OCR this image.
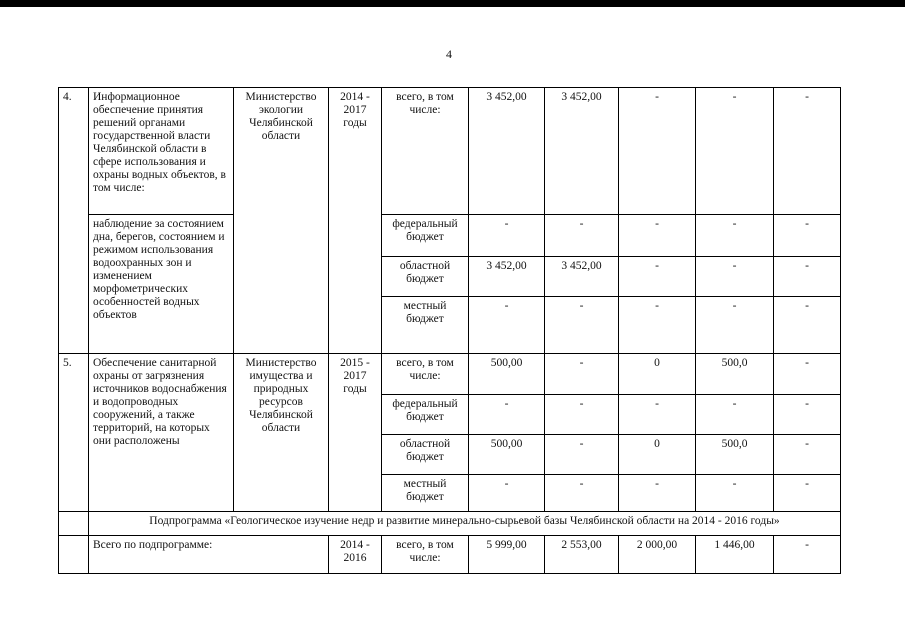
4
4.	Информационное обеспечение принятия решений органами государственной власти Челябинской области в сфере использования и охраны водных объектов, в том числе:	Министерство экологии Челябинской области	2014 - 2017 годы	всего, в том числе:	3 452,00	3 452,00	-	-	-
	наблюдение за состоянием дна, берегов, состоянием и режимом использования водоохранных зон и изменением морфометрических особенностей водных объектов			федеральный бюджет	-	-	-	-	-
				областной бюджет	3 452,00	3 452,00	-	-	-
				местный бюджет	-	-	-	-	-
5.	Обеспечение санитарной охраны от загрязнения источников водоснабжения и водопроводных сооружений, а также территорий, на которых они расположены	Министерство имущества и природных ресурсов Челябинской области	2015 - 2017 годы	всего, в том числе:	500,00	-	0	500,0	-
				федеральный бюджет	-	-	-	-	-
				областной бюджет	500,00	-	0	500,0	-
				местный бюджет	-	-	-	-	-
	Подпрограмма «Геологическое изучение недр и развитие минерально-сырьевой базы Челябинской области на 2014 - 2016 годы»								
	Всего по подпрограмме:		2014 - 2016	всего, в том числе:	5 999,00	2 553,00	2 000,00	1 446,00	-
